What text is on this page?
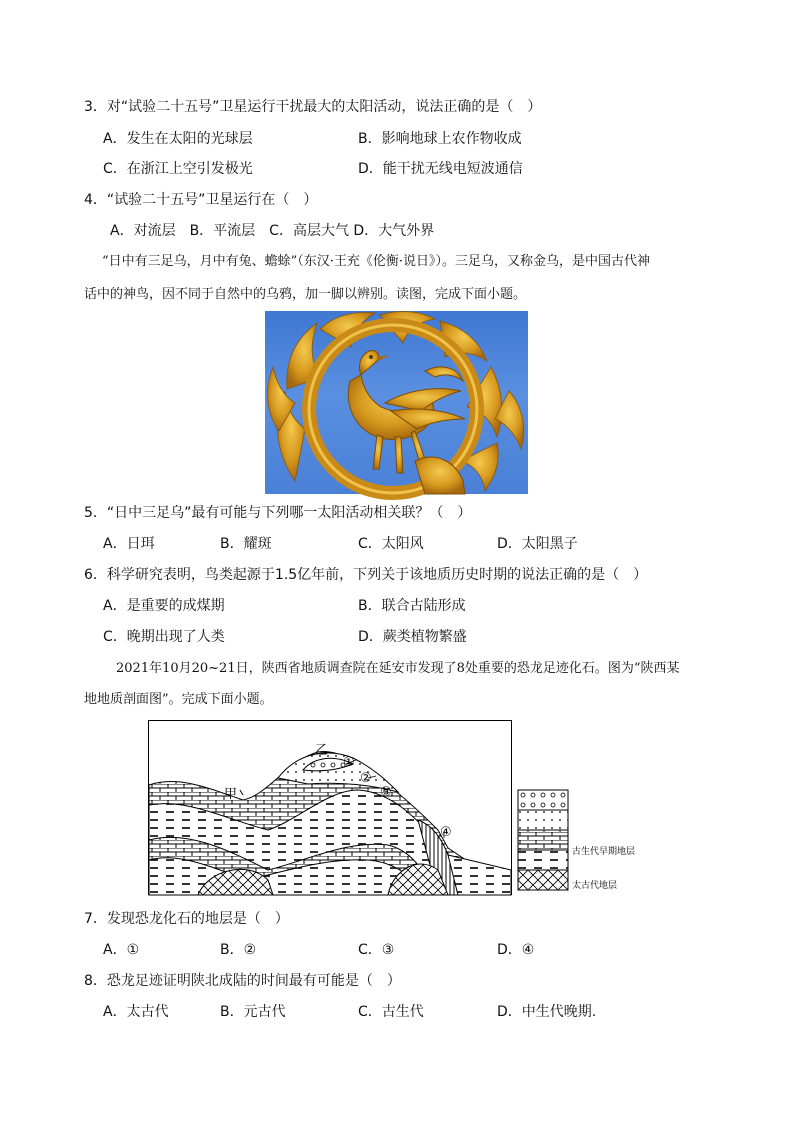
3．对“试验二十五号”卫星运行干扰最大的太阳活动，说法正确的是（　）
A．发生在太阳的光球层	B．影响地球上农作物收成
C．在浙江上空引发极光	D．能干扰无线电短波通信
4．“试验二十五号”卫星运行在（　）
A．对流层　B．平流层　C．高层大气 D．大气外界
“日中有三足乌，月中有兔、蟾蜍”（东汉·王充《伦衡·说日》）。三足乌，又称金乌，是中国古代神
话中的神鸟，因不同于自然中的乌鸦，加一脚以辨别。读图，完成下面小题。
5．“日中三足乌”最有可能与下列哪一太阳活动相关联？（　）
A．日珥	B．耀斑	C．太阳风	D．太阳黑子
6．科学研究表明，鸟类起源于1.5亿年前，下列关于该地质历史时期的说法正确的是（　）
A．是重要的成煤期	B．联合古陆形成
C．晚期出现了人类	D．蕨类植物繁盛
2021年10月20~21日，陕西省地质调查院在延安市发现了8处重要的恐龙足迹化石。图为“陕西某
地地质剖面图”。完成下面小题。
甲
乙
①
②
③
④
古生代早期地层
太古代地层
7．发现恐龙化石的地层是（　）
A．①	B．②	C．③	D．④
8．恐龙足迹证明陕北成陆的时间最有可能是（　）
A．太古代	B．元古代	C．古生代	D．中生代晚期.
